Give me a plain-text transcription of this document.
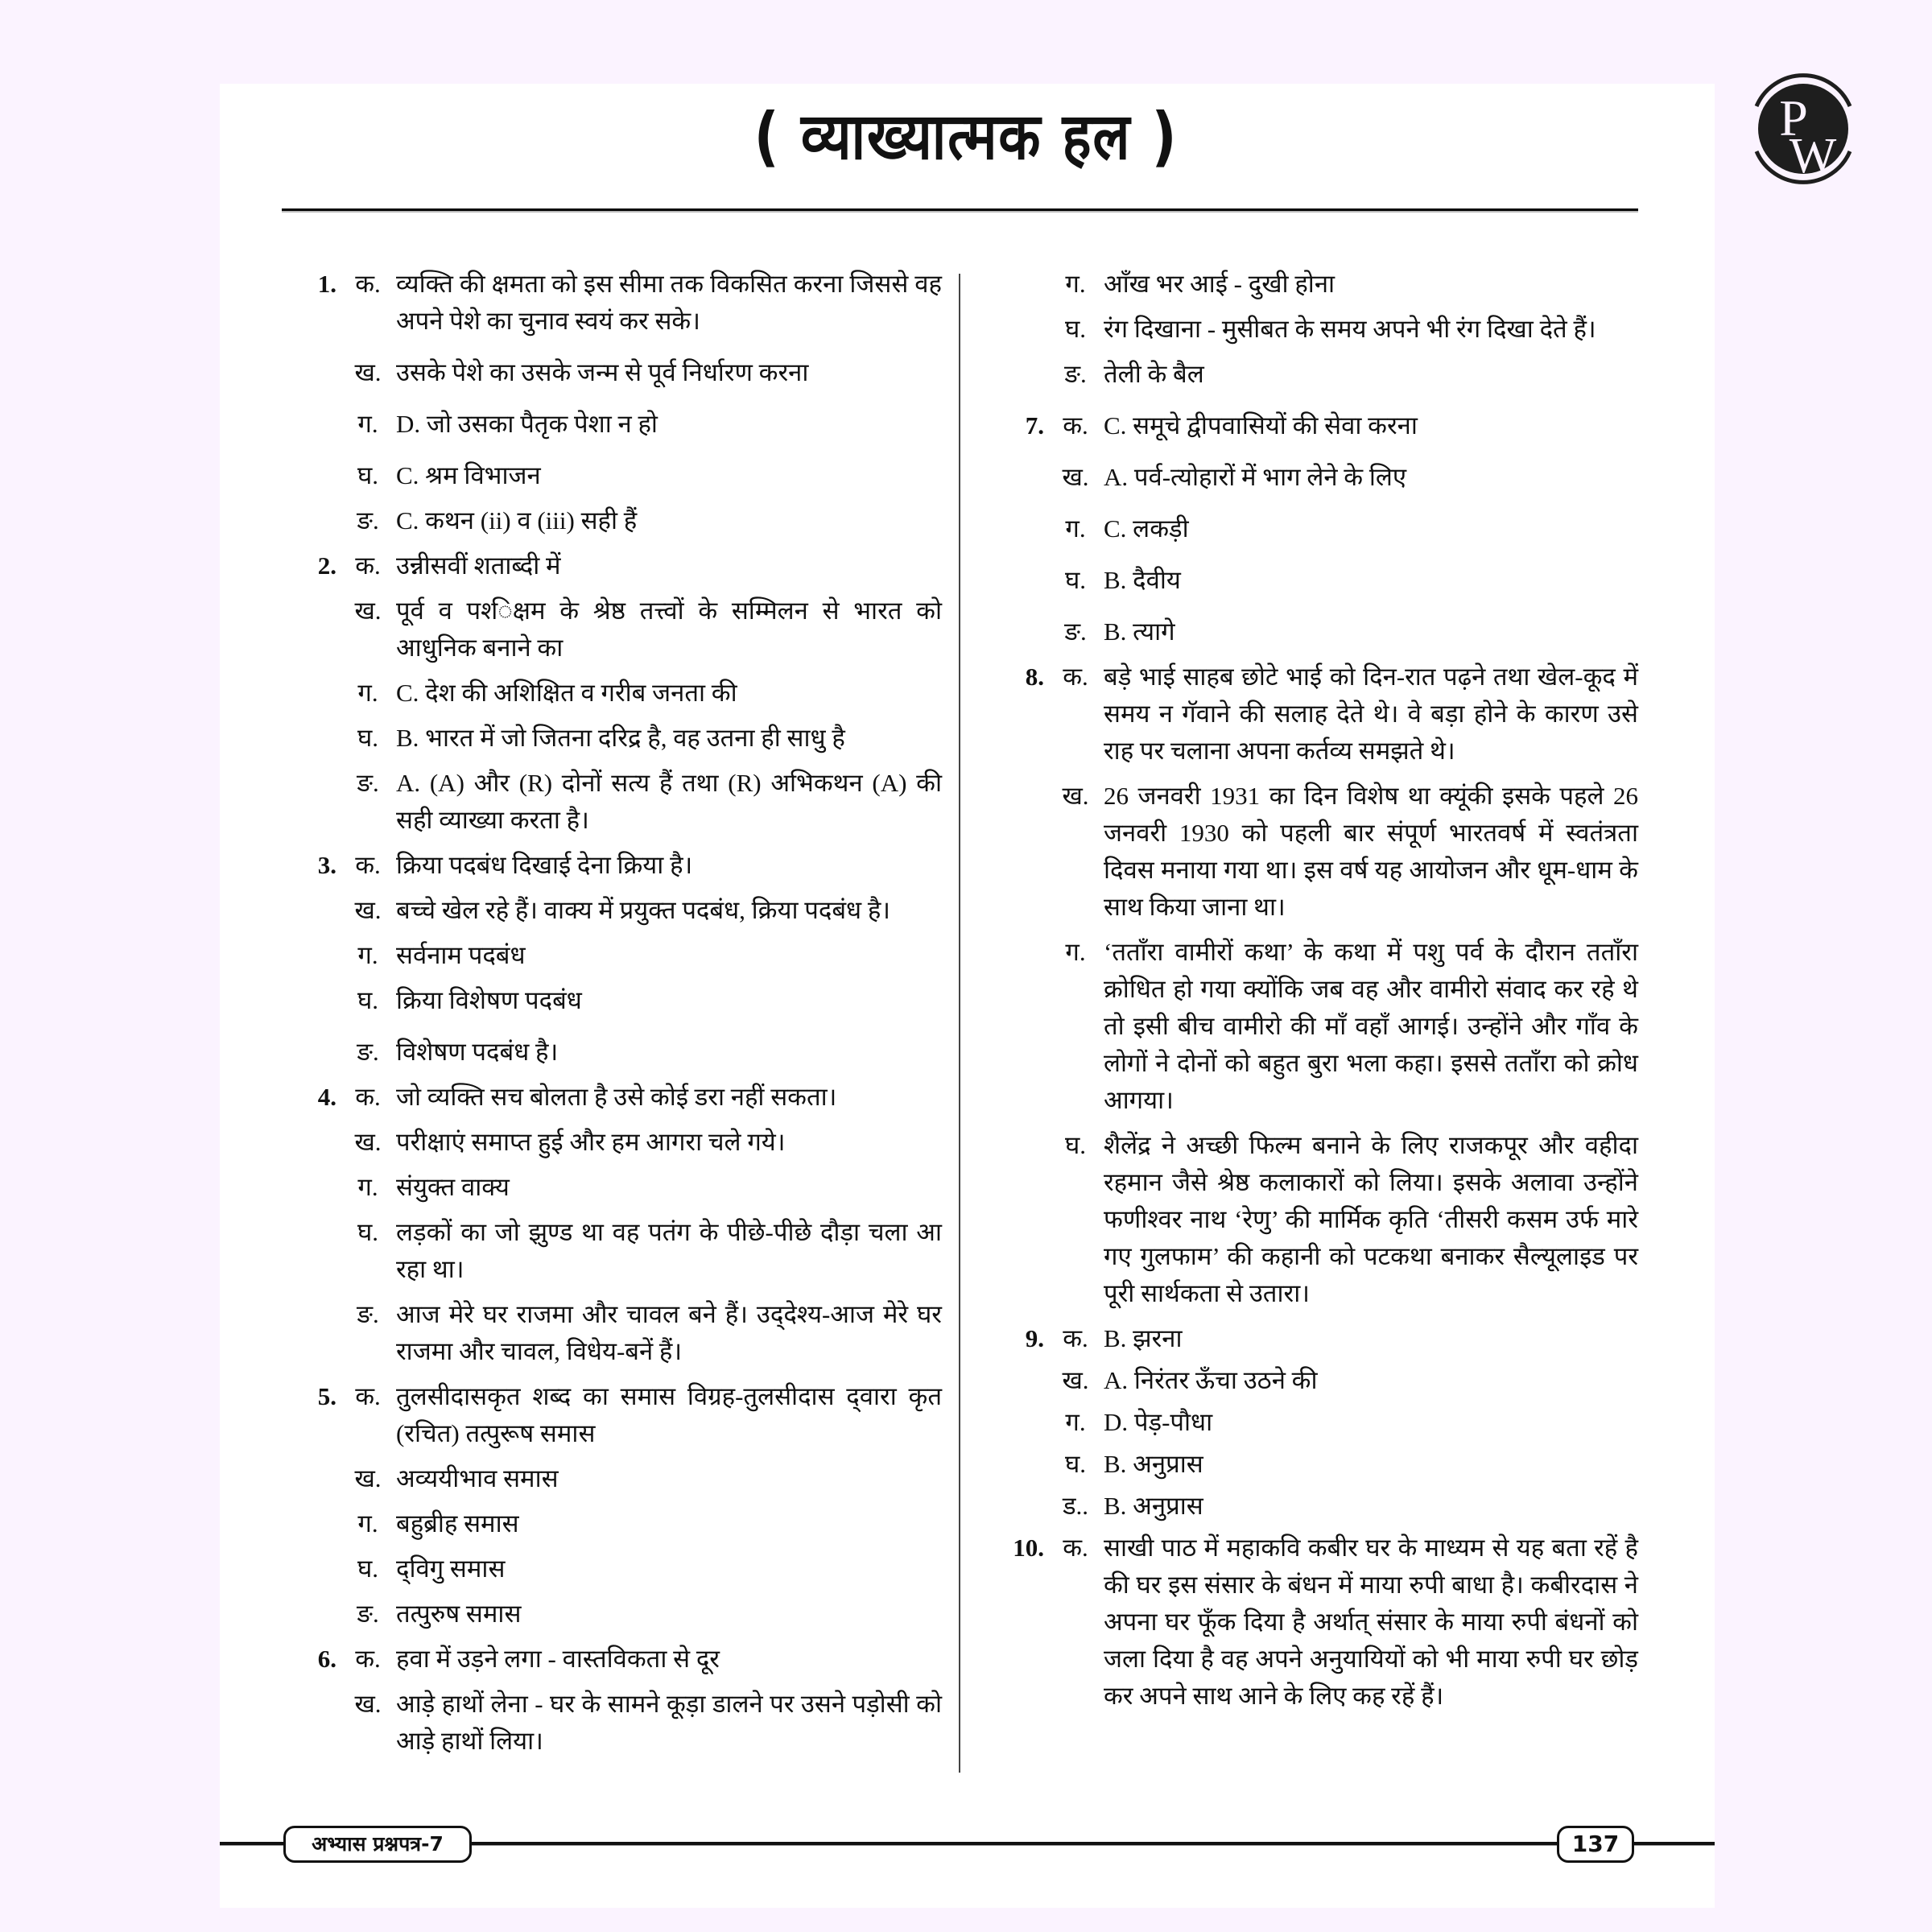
( व्याख्यात्मक हल )	P
W
1. क. व्यक्ति की क्षमता को इस सीमा तक विकसित करना जिससे वह अपने पेशे का चुनाव स्वयं कर सके।
ख. उसके पेशे का उसके जन्म से पूर्व निर्धारण करना
ग. D. जो उसका पैतृक पेशा न हो
घ. C. श्रम विभाजन
ङ. C. कथन (ii) व (iii) सही हैं
2. क. उन्नीसवीं शताब्दी में
ख. पूर्व व पश्‍िक्षम के श्रेष्ठ तत्त्वों के सम्मिलन से भारत को आधुनिक बनाने का
ग. C. देश की अशिक्षित व गरीब जनता की
घ. B. भारत में जो जितना दरिद्र है, वह उतना ही साधु है
ङ. A. (A) और (R) दोनों सत्य हैं तथा (R) अभिकथन (A) की सही व्याख्या करता है।
3. क. क्रिया पदबंध दिखाई देना क्रिया है।
ख. बच्चे खेल रहे हैं। वाक्य में प्रयुक्त पदबंध, क्रिया पदबंध है।
ग. सर्वनाम पदबंध
घ. क्रिया विशेषण पदबंध
ङ. विशेषण पदबंध है।
4. क. जो व्यक्ति सच बोलता है उसे कोई डरा नहीं सकता।
ख. परीक्षाएं समाप्त हुई और हम आगरा चले गये।
ग. संयुक्त वाक्य
घ. लड़कों का जो झुण्ड था वह पतंग के पीछे-पीछे दौड़ा चला आ रहा था।
ङ. आज मेरे घर राजमा और चावल बने हैं। उद्‌देश्य-आज मेरे घर राजमा और चावल, विधेय-बनें हैं।
5. क. तुलसीदासकृत शब्द का समास विग्रह-तुलसीदास द्‌वारा कृत (रचित) तत्पुरूष समास
ख. अव्ययीभाव समास
ग. बहुब्रीह समास
घ. द्‌विगु समास
ङ. तत्पुरुष समास
6. क. हवा में उड़ने लगा - वास्तविकता से दूर
ख. आड़े हाथों लेना - घर के सामने कूड़ा डालने पर उसने पड़ोसी को आड़े हाथों लिया।
ग. आँख भर आई - दुखी होना
घ. रंग दिखाना - मुसीबत के समय अपने भी रंग दिखा देते हैं।
ङ. तेली के बैल
7. क. C. समूचे द्वीपवासियों की सेवा करना
ख. A. पर्व-त्योहारों में भाग लेने के लिए
ग. C. लकड़ी
घ. B. दैवीय
ङ. B. त्यागे
8. क. बड़े भाई साहब छोटे भाई को दिन-रात पढ़ने तथा खेल-कूद में समय न गॅवाने की सलाह देते थे। वे बड़ा होने के कारण उसे राह पर चलाना अपना कर्तव्य समझते थे।
ख. 26 जनवरी 1931 का दिन विशेष था क्यूंकी इसके पहले 26 जनवरी 1930 को पहली बार संपूर्ण भारतवर्ष में स्वतंत्रता दिवस मनाया गया था। इस वर्ष यह आयोजन और धूम-धाम के साथ किया जाना था।
ग. ‘तताँरा वामीरों कथा’ के कथा में पशु पर्व के दौरान तताँरा क्रोधित हो गया क्योंकि जब वह और वामीरो संवाद कर रहे थे तो इसी बीच वामीरो की माँ वहाँ आगई। उन्होंने और गाँव के लोगों ने दोनों को बहुत बुरा भला कहा। इससे तताँरा को क्रोध आगया।
घ. शैलेंद्र ने अच्छी फिल्म बनाने के लिए राजकपूर और वहीदा रहमान जैसे श्रेष्ठ कलाकारों को लिया। इसके अलावा उन्होंने फणीश्वर नाथ ‘रेणु’ की मार्मिक कृति ‘तीसरी कसम उर्फ मारे गए गुलफाम’ की कहानी को पटकथा बनाकर सैल्यूलाइड पर पूरी सार्थकता से उतारा।
9. क. B. झरना
ख. A. निरंतर ऊँचा उठने की
ग. D. पेड़-पौधा
घ. B. अनुप्रास
ड.. B. अनुप्रास
10. क. साखी पाठ में महाकवि कबीर घर के माध्यम से यह बता रहें है की घर इस संसार के बंधन में माया रुपी बाधा है। कबीरदास ने अपना घर फूँक दिया है अर्थात् संसार के माया रुपी बंधनों को जला दिया है वह अपने अनुयायियों को भी माया रुपी घर छोड़ कर अपने साथ आने के लिए कह रहें हैं।
अभ्यास प्रश्नपत्र-7	137
